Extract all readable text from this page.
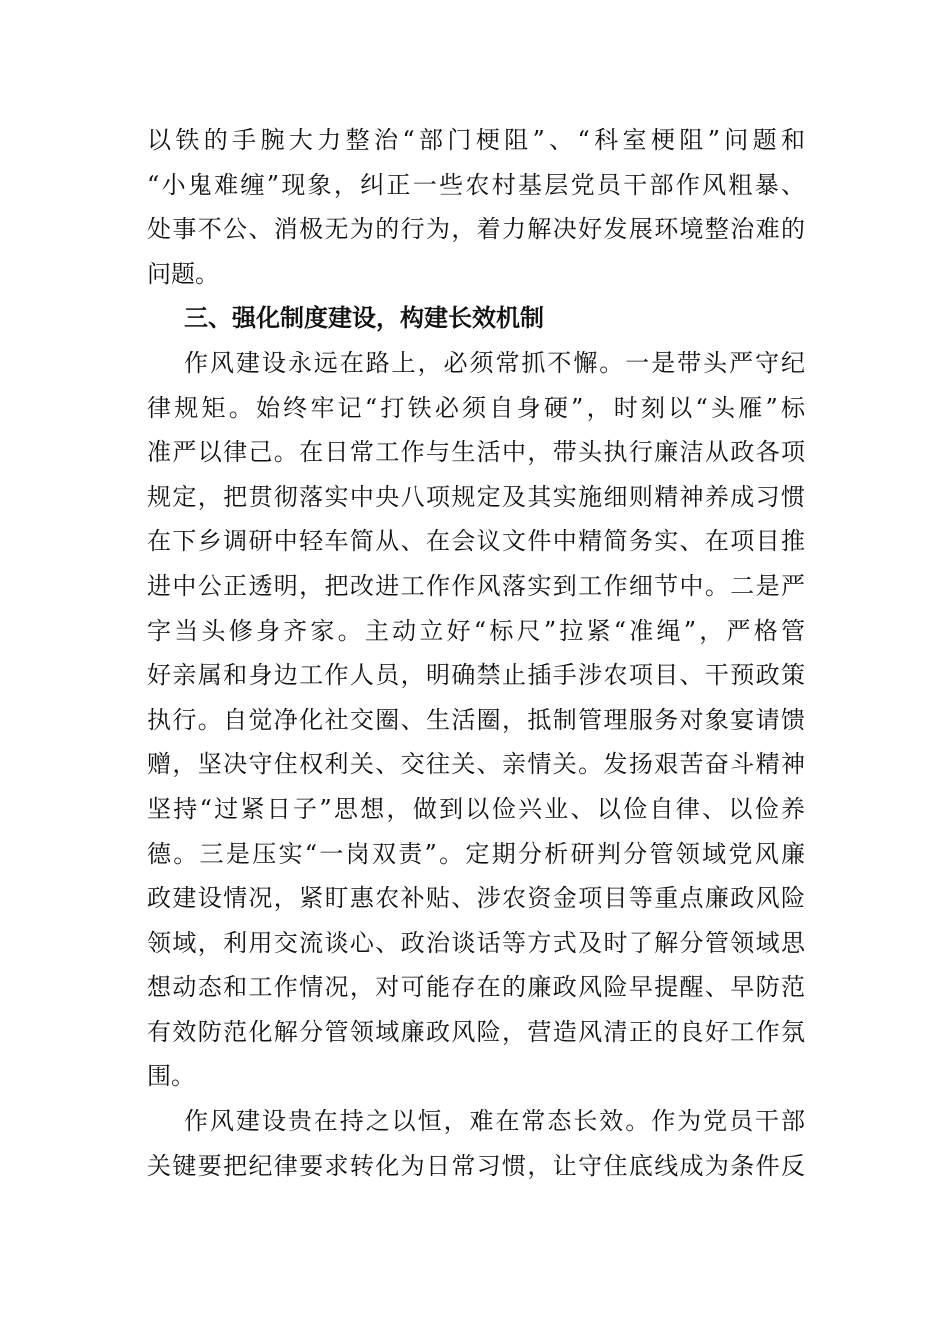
以铁的手腕大力整治“部门梗阻”、“科室梗阻”问题和
“小鬼难缠”现象，纠正一些农村基层党员干部作风粗暴、
处事不公、消极无为的行为，着力解决好发展环境整治难的
问题。
三、强化制度建设，构建长效机制
作风建设永远在路上，必须常抓不懈。一是带头严守纪
律规矩。始终牢记“打铁必须自身硬”，时刻以“头雁”标
准严以律己。在日常工作与生活中，带头执行廉洁从政各项
规定，把贯彻落实中央八项规定及其实施细则精神养成习惯
在下乡调研中轻车简从、在会议文件中精简务实、在项目推
进中公正透明，把改进工作作风落实到工作细节中。二是严
字当头修身齐家。主动立好“标尺”拉紧“准绳”，严格管
好亲属和身边工作人员，明确禁止插手涉农项目、干预政策
执行。自觉净化社交圈、生活圈，抵制管理服务对象宴请馈
赠，坚决守住权利关、交往关、亲情关。发扬艰苦奋斗精神
坚持“过紧日子”思想，做到以俭兴业、以俭自律、以俭养
德。三是压实“一岗双责”。定期分析研判分管领域党风廉
政建设情况，紧盯惠农补贴、涉农资金项目等重点廉政风险
领域，利用交流谈心、政治谈话等方式及时了解分管领域思
想动态和工作情况，对可能存在的廉政风险早提醒、早防范
有效防范化解分管领域廉政风险，营造风清正的良好工作氛
围。
作风建设贵在持之以恒，难在常态长效。作为党员干部
关键要把纪律要求转化为日常习惯，让守住底线成为条件反
